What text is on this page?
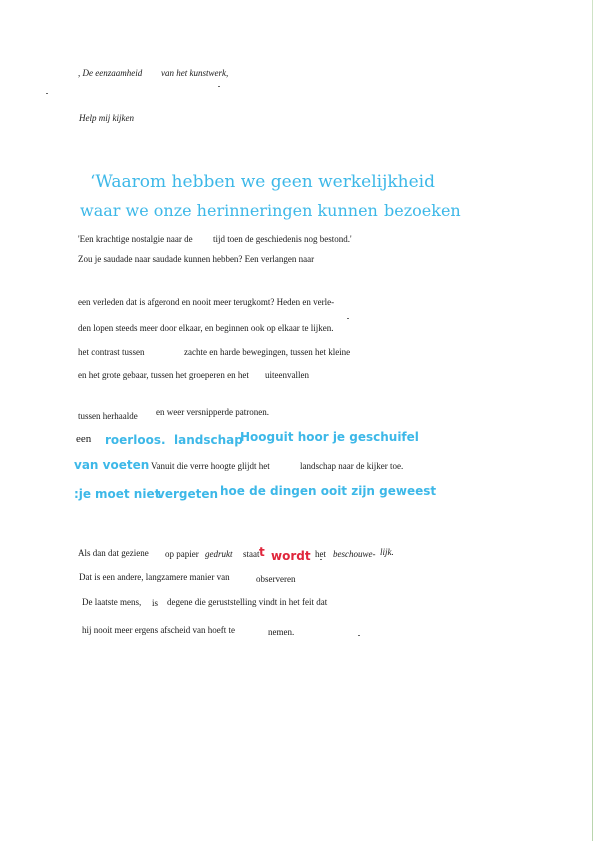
, De eenzaamheid van het kunstwerk,
Help mij kijken
‘Waarom hebben we geen werkelijkheid
waar we onze herinneringen kunnen bezoeken
'Een krachtige nostalgie naar de tijd toen de geschiedenis nog bestond.'
Zou je saudade naar saudade kunnen hebben? Een verlangen naar
een verleden dat is afgerond en nooit meer terugkomt? Heden en verle-
den lopen steeds meer door elkaar, en beginnen ook op elkaar te lijken.
het contrast tussen	zachte en harde bewegingen, tussen het kleine
en het grote gebaar, tussen het groeperen en het uiteenvallen
tussen herhaalde en weer versnipperde patronen.
een roerloos. landschap
Hooguit hoor je geschuifel
van voeten Vanuit die verre hoogte glijdt het	landschap naar de kijker toe.
:je moet niet
vergeten hoe de dingen ooit zijn geweest
Als dan dat geziene op papier gedrukt staat t wordt het beschouwe- lijk.
Dat is een andere, langzamere manier van	observeren
De laatste mens, is degene die geruststelling vindt in het feit dat
hij nooit meer ergens afscheid van hoeft te	nemen.
